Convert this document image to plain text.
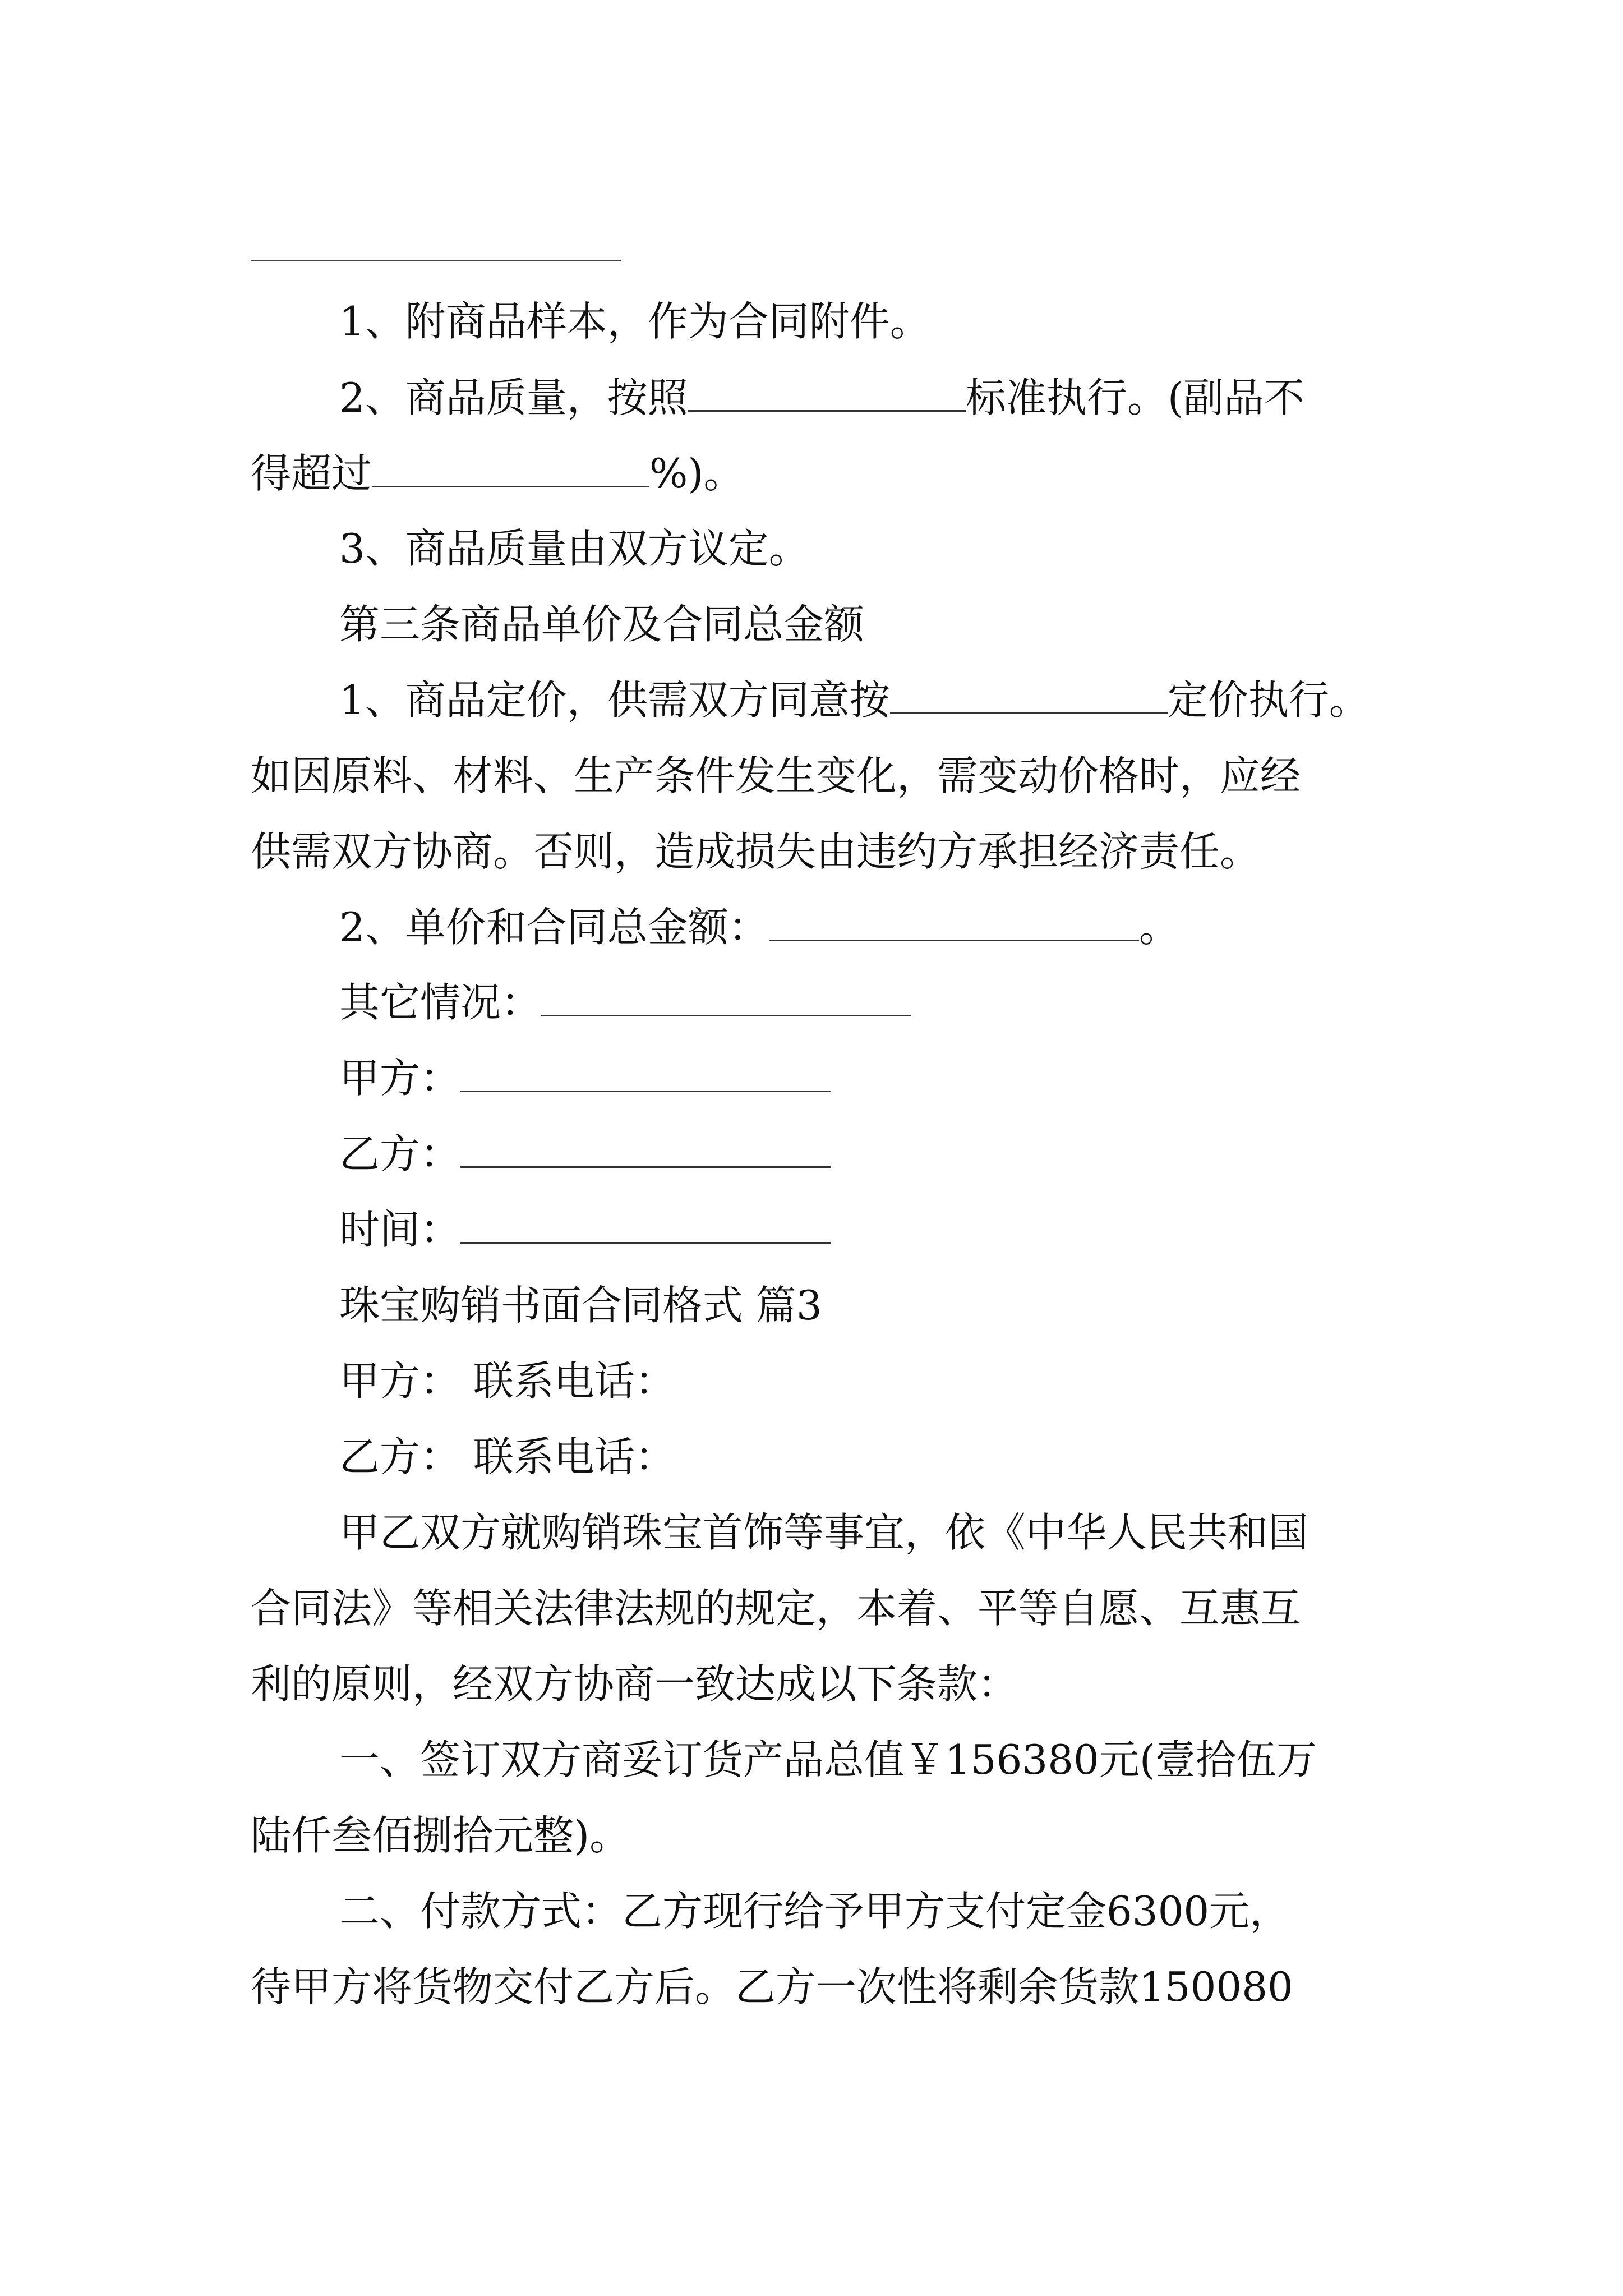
1、附商品样本，作为合同附件。
2、商品质量，按照	标准执行。(副品不
得超过	%)。
3、商品质量由双方议定。
第三条商品单价及合同总金额
1、商品定价，供需双方同意按	定价执行。
如因原料、材料、生产条件发生变化，需变动价格时，应经
供需双方协商。否则，造成损失由违约方承担经济责任。
2、单价和合同总金额：	。
其它情况：
甲方：
乙方：
时间：
珠宝购销书面合同格式 篇3
甲方： 联系电话：
乙方： 联系电话：
甲乙双方就购销珠宝首饰等事宜，依《中华人民共和国
合同法》等相关法律法规的规定，本着、平等自愿、互惠互
利的原则，经双方协商一致达成以下条款：
一、签订双方商妥订货产品总值￥156380元(壹拾伍万
陆仟叁佰捌拾元整)。
二、付款方式：乙方现行给予甲方支付定金6300元，
待甲方将货物交付乙方后。乙方一次性将剩余货款150080
